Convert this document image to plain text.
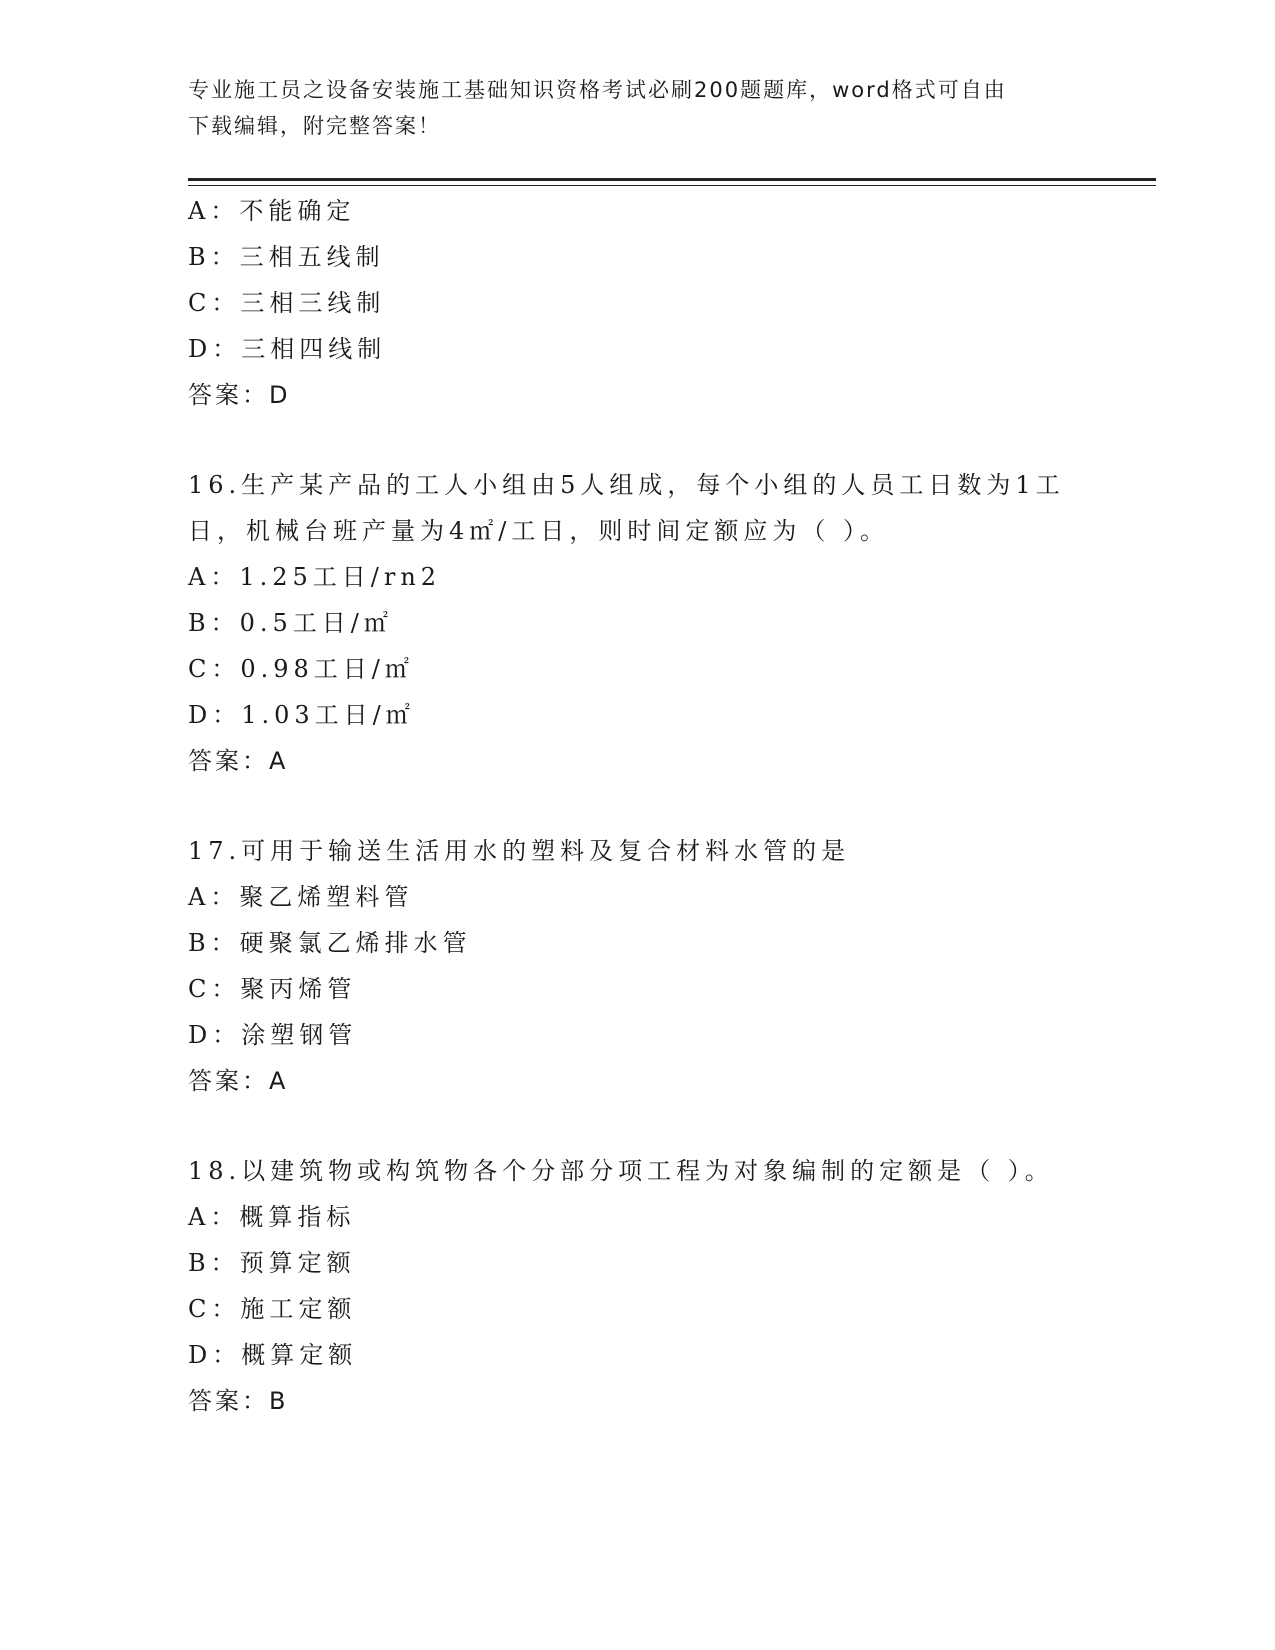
专业施工员之设备安装施工基础知识资格考试必刷200题题库，word格式可自由
下载编辑，附完整答案！
A：不能确定
B：三相五线制
C：三相三线制
D：三相四线制
答案：D
16.生产某产品的工人小组由5人组成，每个小组的人员工日数为1工
日，机械台班产量为4㎡/工日，则时间定额应为（ ）。
A：1.25工日/rn2
B：0.5工日/㎡
C：0.98工日/㎡
D：1.03工日/㎡
答案：A
17.可用于输送生活用水的塑料及复合材料水管的是
A：聚乙烯塑料管
B：硬聚氯乙烯排水管
C：聚丙烯管
D：涂塑钢管
答案：A
18.以建筑物或构筑物各个分部分项工程为对象编制的定额是（ ）。
A：概算指标
B：预算定额
C：施工定额
D：概算定额
答案：B
